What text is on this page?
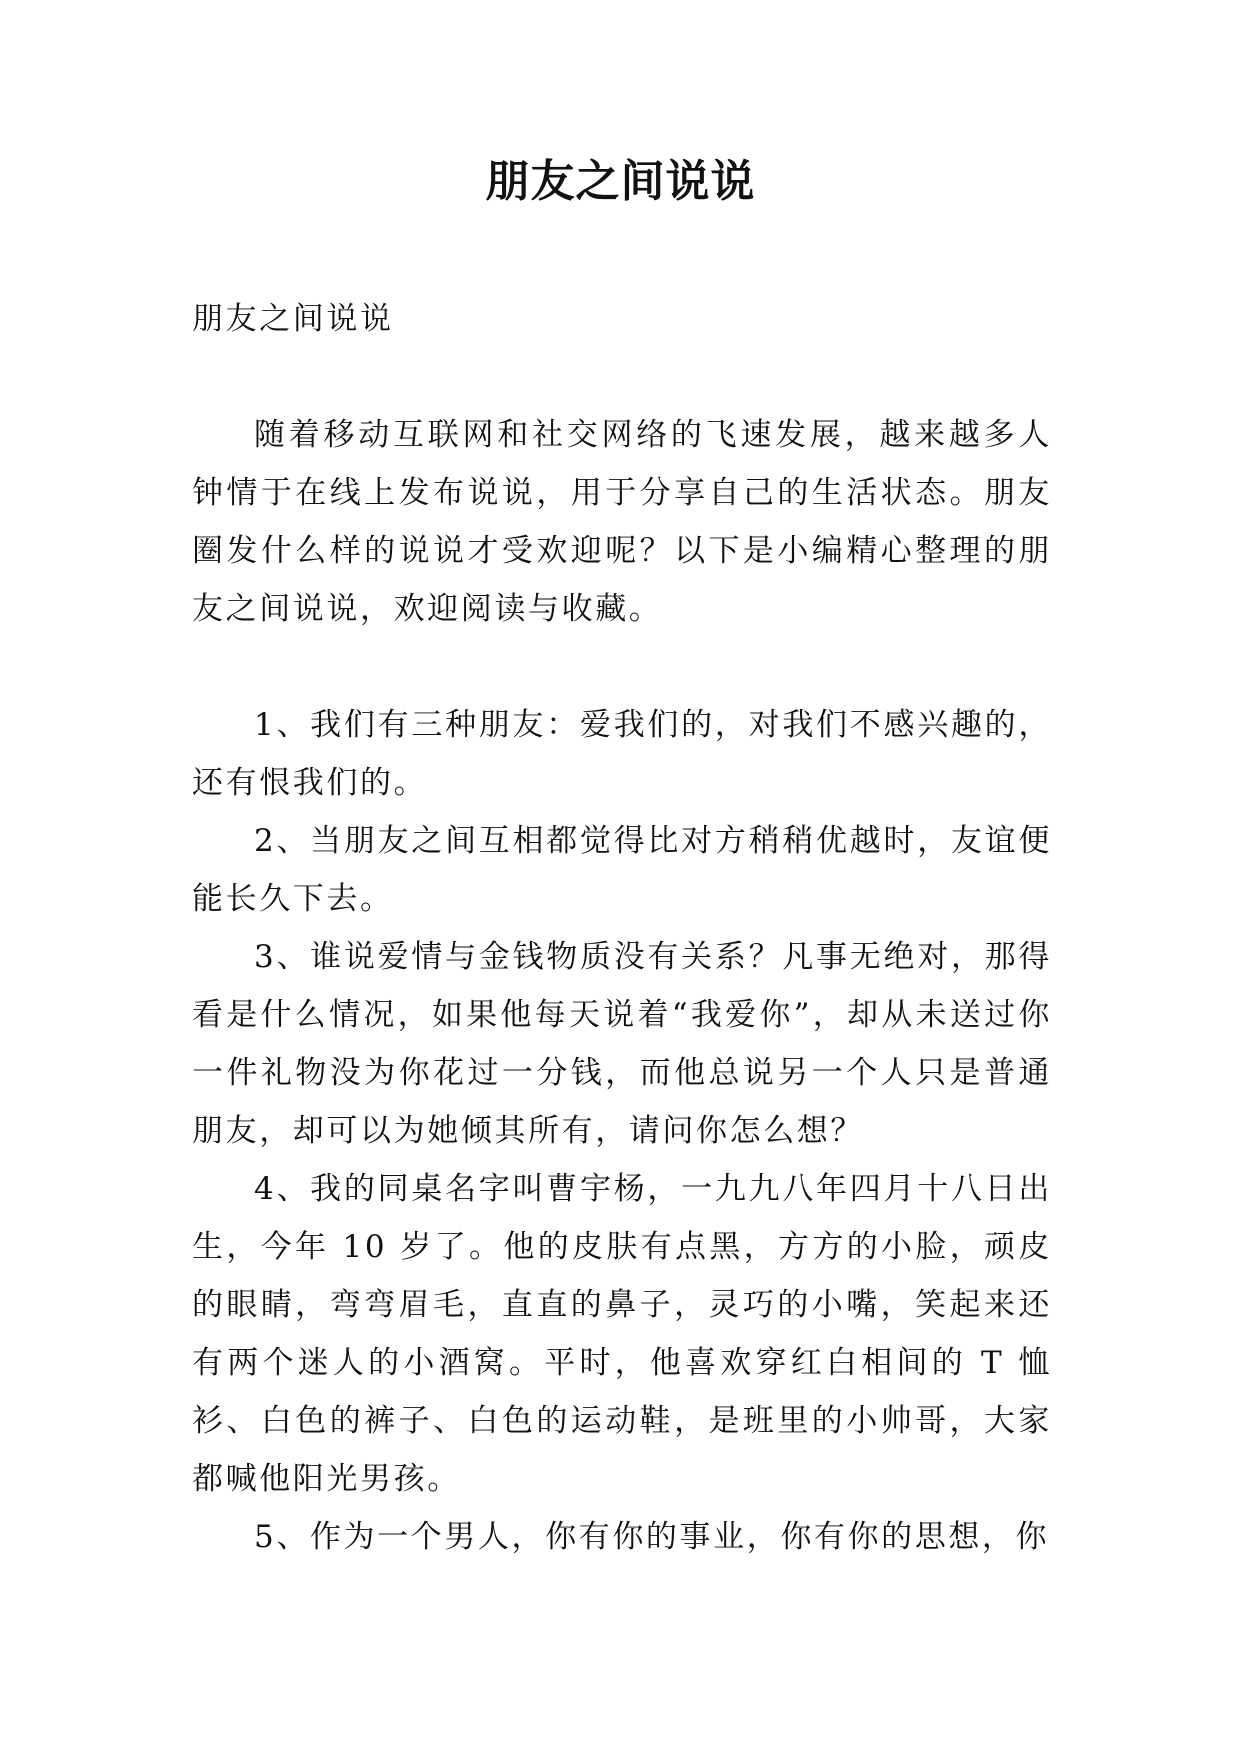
朋友之间说说

朋友之间说说

随着移动互联网和社交网络的飞速发展，越来越多人钟情于在线上发布说说，用于分享自己的生活状态。朋友圈发什么样的说说才受欢迎呢？以下是小编精心整理的朋友之间说说，欢迎阅读与收藏。

1、我们有三种朋友：爱我们的，对我们不感兴趣的，还有恨我们的。

2、当朋友之间互相都觉得比对方稍稍优越时，友谊便能长久下去。

3、谁说爱情与金钱物质没有关系？凡事无绝对，那得看是什么情况，如果他每天说着“我爱你”，却从未送过你一件礼物没为你花过一分钱，而他总说另一个人只是普通朋友，却可以为她倾其所有，请问你怎么想？

4、我的同桌名字叫曹宇杨，一九九八年四月十八日出生，今年 10 岁了。他的皮肤有点黑，方方的小脸，顽皮的眼睛，弯弯眉毛，直直的鼻子，灵巧的小嘴，笑起来还有两个迷人的小酒窝。平时，他喜欢穿红白相间的 T 恤衫、白色的裤子、白色的运动鞋，是班里的小帅哥，大家都喊他阳光男孩。

5、作为一个男人，你有你的事业，你有你的思想，你
